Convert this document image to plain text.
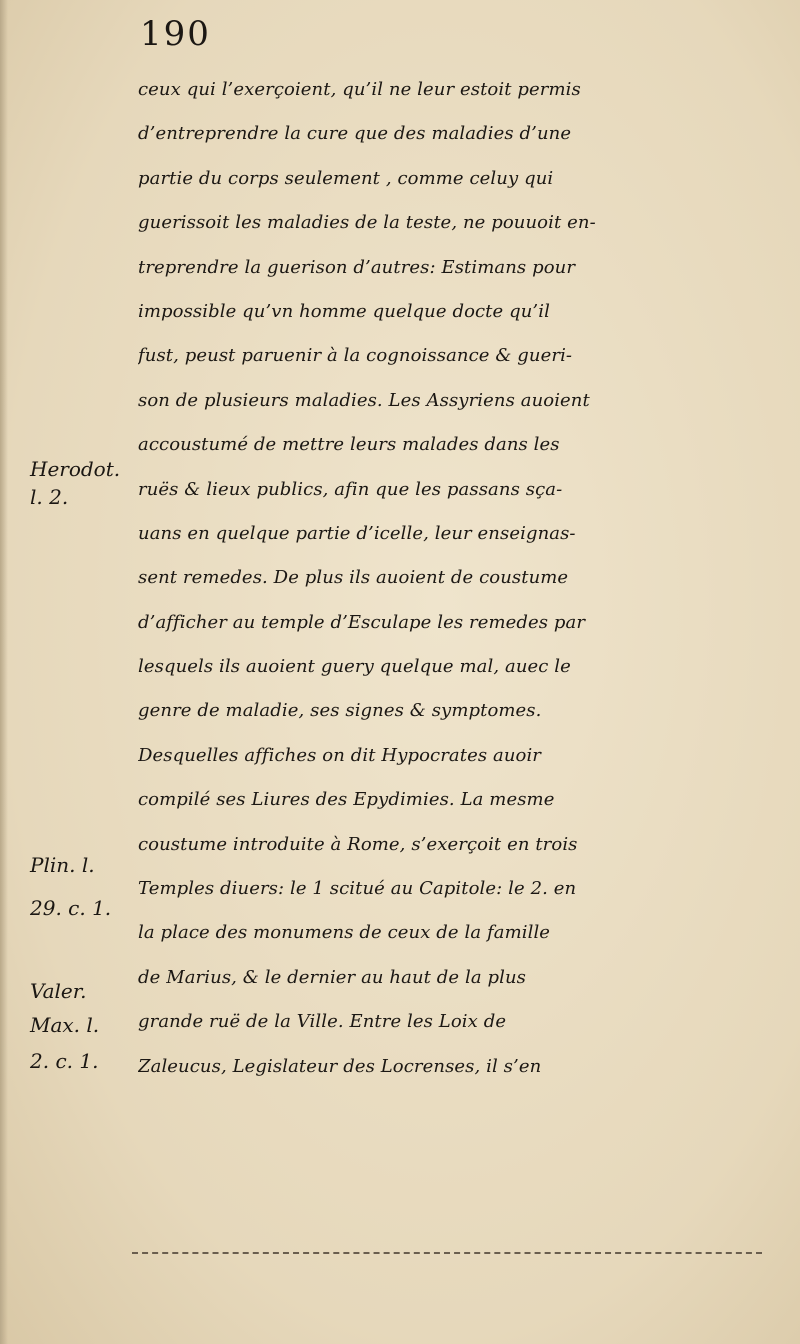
190
Herodot.
l. 2.
Plin. l.
29. c. 1.
Valer.
Max. l.
2. c. 1.
ceux qui l’exerçoient, qu’il ne leur estoit permis
d’entreprendre la cure que des maladies d’une
partie du corps seulement , comme celuy qui
guerissoit les maladies de la teste, ne pouuoit en-
treprendre la guerison d’autres: Estimans pour
impossible qu’vn homme quelque docte qu’il
fust, peust paruenir à la cognoissance & gueri-
son de plusieurs maladies. Les Assyriens auoient
accoustumé de mettre leurs malades dans les
ruës & lieux publics, afin que les passans sça-
uans en quelque partie d’icelle, leur enseignas-
sent remedes. De plus ils auoient de coustume
d’afficher au temple d’Esculape les remedes par
lesquels ils auoient guery quelque mal, auec le
genre de maladie, ses signes & symptomes.
Desquelles affiches on dit Hypocrates auoir
compilé ses Liures des Epydimies. La mesme
coustume introduite à Rome, s’exerçoit en trois
Temples diuers: le 1 scitué au Capitole: le 2. en
la place des monumens de ceux de la famille
de Marius, & le dernier au haut de la plus
grande ruë de la Ville. Entre les Loix de
Zaleucus, Legislateur des Locrenses, il s’en
